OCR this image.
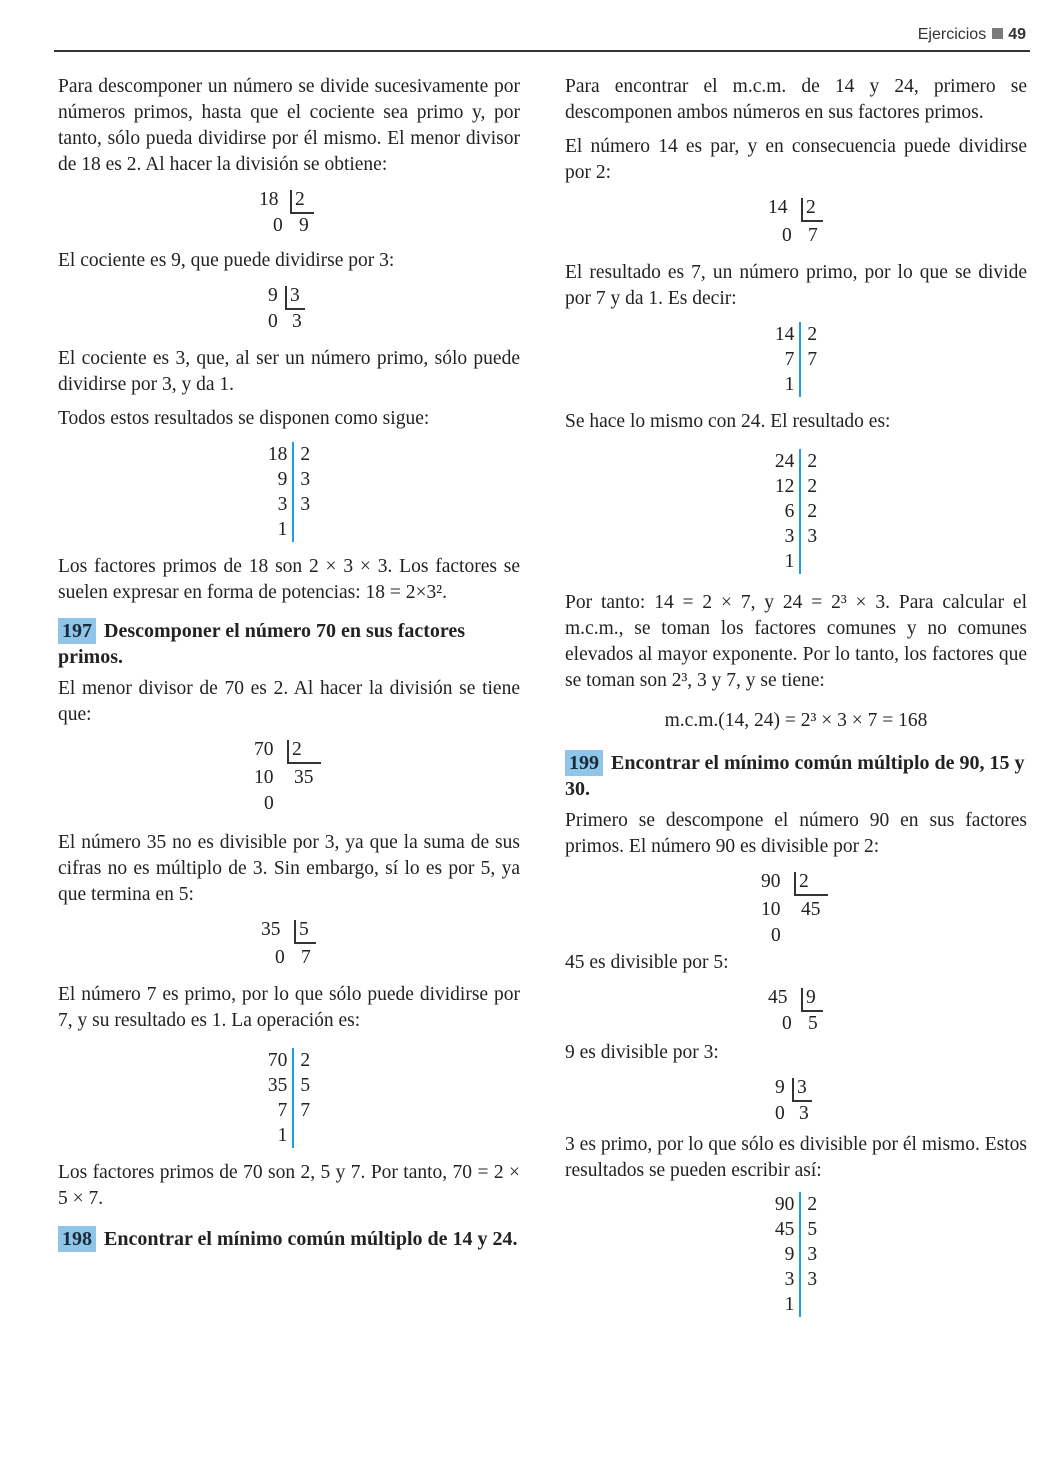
Ejercicios 49

Para descomponer un número se divide sucesivamente por números primos, hasta que el cociente sea primo y, por tanto, sólo pueda dividirse por él mismo. El menor divisor de 18 es 2. Al hacer la división se obtiene:

18 2
0 9

El cociente es 9, que puede dividirse por 3:

9 3
0 3

El cociente es 3, que, al ser un número primo, sólo puede dividirse por 3, y da 1.

Todos estos resultados se disponen como sigue:

18 2
9 3
3 3
1

Los factores primos de 18 son 2 × 3 × 3. Los factores se suelen expresar en forma de potencias: 18 = 2×3².

197 Descomponer el número 70 en sus factores primos.

El menor divisor de 70 es 2. Al hacer la división se tiene que:

70 2
10 35
0

El número 35 no es divisible por 3, ya que la suma de sus cifras no es múltiplo de 3. Sin embargo, sí lo es por 5, ya que termina en 5:

35 5
0 7

El número 7 es primo, por lo que sólo puede dividirse por 7, y su resultado es 1. La operación es:

70 2
35 5
7 7
1

Los factores primos de 70 son 2, 5 y 7. Por tanto, 70 = 2 × 5 × 7.

198 Encontrar el mínimo común múltiplo de 14 y 24.

Para encontrar el m.c.m. de 14 y 24, primero se descomponen ambos números en sus factores primos.

El número 14 es par, y en consecuencia puede dividirse por 2:

14 2
0 7

El resultado es 7, un número primo, por lo que se divide por 7 y da 1. Es decir:

14 2
7 7
1

Se hace lo mismo con 24. El resultado es:

24 2
12 2
6 2
3 3
1

Por tanto: 14 = 2 × 7, y 24 = 2³ × 3. Para calcular el m.c.m., se toman los factores comunes y no comunes elevados al mayor exponente. Por lo tanto, los factores que se toman son 2³, 3 y 7, y se tiene:

m.c.m.(14, 24) = 2³ × 3 × 7 = 168

199 Encontrar el mínimo común múltiplo de 90, 15 y 30.

Primero se descompone el número 90 en sus factores primos. El número 90 es divisible por 2:

90 2
10 45
0

45 es divisible por 5:

45 9
0 5

9 es divisible por 3:

9 3
0 3

3 es primo, por lo que sólo es divisible por él mismo. Estos resultados se pueden escribir así:

90 2
45 5
9 3
3 3
1
